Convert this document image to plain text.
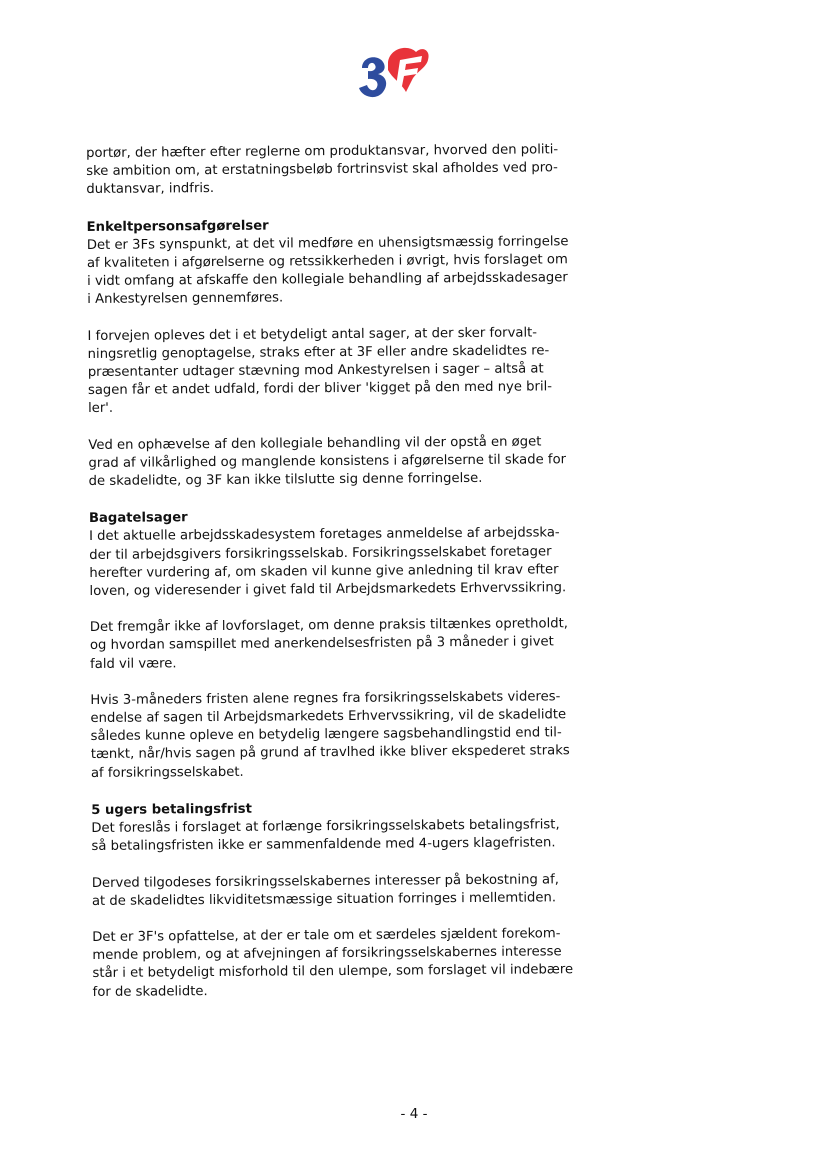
portør, der hæfter efter reglerne om produktansvar, hvorved den politi-
ske ambition om, at erstatningsbeløb fortrinsvist skal afholdes ved pro-
duktansvar, indfris.

Enkeltpersonsafgørelser

Det er 3Fs synspunkt, at det vil medføre en uhensigtsmæssig forringelse
af kvaliteten i afgørelserne og retssikkerheden i øvrigt, hvis forslaget om
i vidt omfang at afskaffe den kollegiale behandling af arbejdsskadesager
i Ankestyrelsen gennemføres.

I forvejen opleves det i et betydeligt antal sager, at der sker forvalt-
ningsretlig genoptagelse, straks efter at 3F eller andre skadelidtes re-
præsentanter udtager stævning mod Ankestyrelsen i sager – altså at
sagen får et andet udfald, fordi der bliver 'kigget på den med nye bril-
ler'.

Ved en ophævelse af den kollegiale behandling vil der opstå en øget
grad af vilkårlighed og manglende konsistens i afgørelserne til skade for
de skadelidte, og 3F kan ikke tilslutte sig denne forringelse.

Bagatelsager

I det aktuelle arbejdsskadesystem foretages anmeldelse af arbejdsska-
der til arbejdsgivers forsikringsselskab. Forsikringsselskabet foretager
herefter vurdering af, om skaden vil kunne give anledning til krav efter
loven, og videresender i givet fald til Arbejdsmarkedets Erhvervssikring.

Det fremgår ikke af lovforslaget, om denne praksis tiltænkes opretholdt,
og hvordan samspillet med anerkendelsesfristen på 3 måneder i givet
fald vil være.

Hvis 3-måneders fristen alene regnes fra forsikringsselskabets videres-
endelse af sagen til Arbejdsmarkedets Erhvervssikring, vil de skadelidte
således kunne opleve en betydelig længere sagsbehandlingstid end til-
tænkt, når/hvis sagen på grund af travlhed ikke bliver ekspederet straks
af forsikringsselskabet.

5 ugers betalingsfrist

Det foreslås i forslaget at forlænge forsikringsselskabets betalingsfrist,
så betalingsfristen ikke er sammenfaldende med 4-ugers klagefristen.

Derved tilgodeses forsikringsselskabernes interesser på bekostning af,
at de skadelidtes likviditetsmæssige situation forringes i mellemtiden.

Det er 3F's opfattelse, at der er tale om et særdeles sjældent forekom-
mende problem, og at afvejningen af forsikringsselskabernes interesse
står i et betydeligt misforhold til den ulempe, som forslaget vil indebære
for de skadelidte.

- 4 -
